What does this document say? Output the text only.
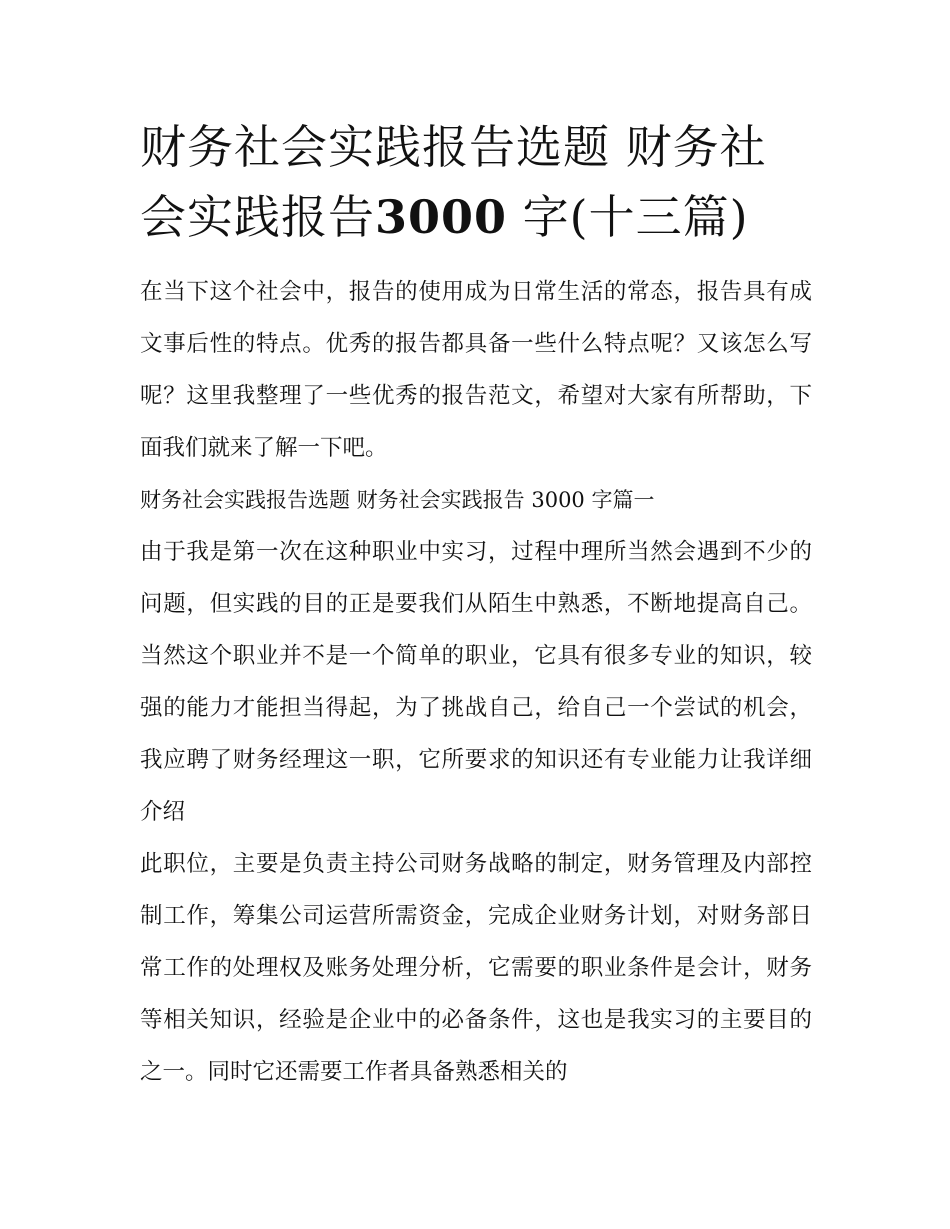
财务社会实践报告选题 财务社会实践报告3000 字(十三篇)

在当下这个社会中，报告的使用成为日常生活的常态，报告具有成文事后性的特点。优秀的报告都具备一些什么特点呢？又该怎么写呢？这里我整理了一些优秀的报告范文，希望对大家有所帮助，下面我们就来了解一下吧。

财务社会实践报告选题 财务社会实践报告 3000 字篇一

由于我是第一次在这种职业中实习，过程中理所当然会遇到不少的问题，但实践的目的正是要我们从陌生中熟悉，不断地提高自己。当然这个职业并不是一个简单的职业，它具有很多专业的知识，较强的能力才能担当得起，为了挑战自己，给自己一个尝试的机会，我应聘了财务经理这一职，它所要求的知识还有专业能力让我详细介绍

此职位，主要是负责主持公司财务战略的制定，财务管理及内部控制工作，筹集公司运营所需资金，完成企业财务计划，对财务部日常工作的处理权及账务处理分析，它需要的职业条件是会计，财务等相关知识，经验是企业中的必备条件，这也是我实习的主要目的之一。同时它还需要工作者具备熟悉相关的
